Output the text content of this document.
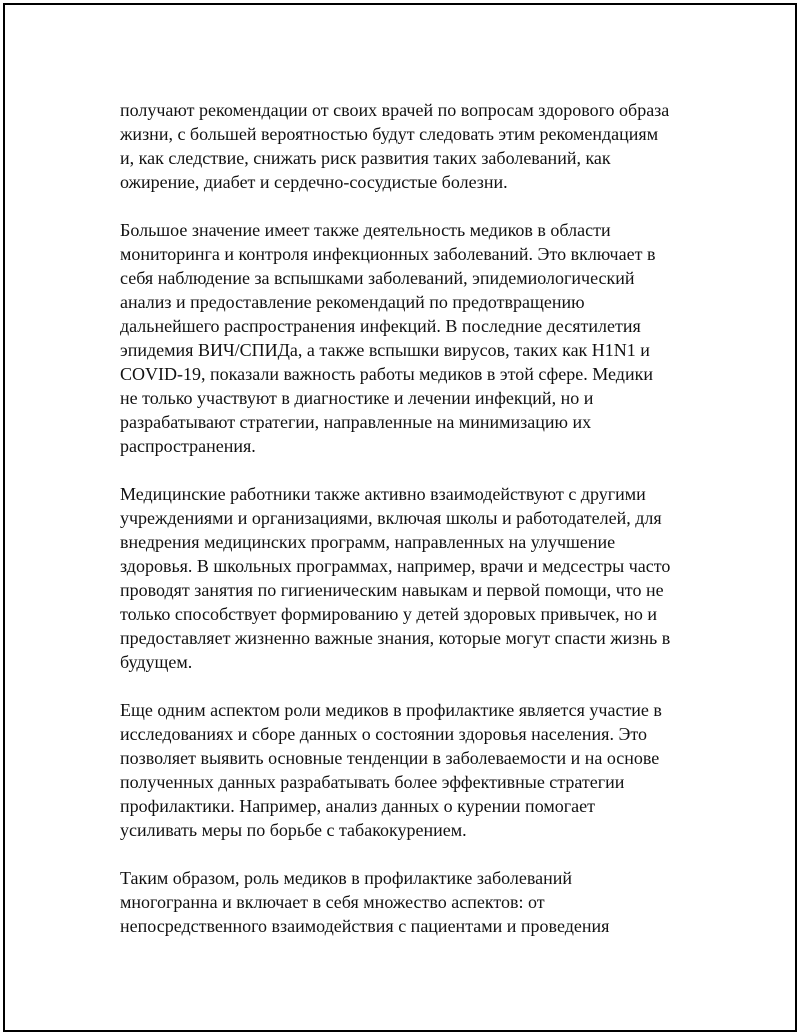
получают рекомендации от своих врачей по вопросам здорового образа
жизни, с большей вероятностью будут следовать этим рекомендациям
и, как следствие, снижать риск развития таких заболеваний, как
ожирение, диабет и сердечно-сосудистые болезни.

Большое значение имеет также деятельность медиков в области
мониторинга и контроля инфекционных заболеваний. Это включает в
себя наблюдение за вспышками заболеваний, эпидемиологический
анализ и предоставление рекомендаций по предотвращению
дальнейшего распространения инфекций. В последние десятилетия
эпидемия ВИЧ/СПИДа, а также вспышки вирусов, таких как H1N1 и
COVID-19, показали важность работы медиков в этой сфере. Медики
не только участвуют в диагностике и лечении инфекций, но и
разрабатывают стратегии, направленные на минимизацию их
распространения.

Медицинские работники также активно взаимодействуют с другими
учреждениями и организациями, включая школы и работодателей, для
внедрения медицинских программ, направленных на улучшение
здоровья. В школьных программах, например, врачи и медсестры часто
проводят занятия по гигиеническим навыкам и первой помощи, что не
только способствует формированию у детей здоровых привычек, но и
предоставляет жизненно важные знания, которые могут спасти жизнь в
будущем.

Еще одним аспектом роли медиков в профилактике является участие в
исследованиях и сборе данных о состоянии здоровья населения. Это
позволяет выявить основные тенденции в заболеваемости и на основе
полученных данных разрабатывать более эффективные стратегии
профилактики. Например, анализ данных о курении помогает
усиливать меры по борьбе с табакокурением.

Таким образом, роль медиков в профилактике заболеваний
многогранна и включает в себя множество аспектов: от
непосредственного взаимодействия с пациентами и проведения
